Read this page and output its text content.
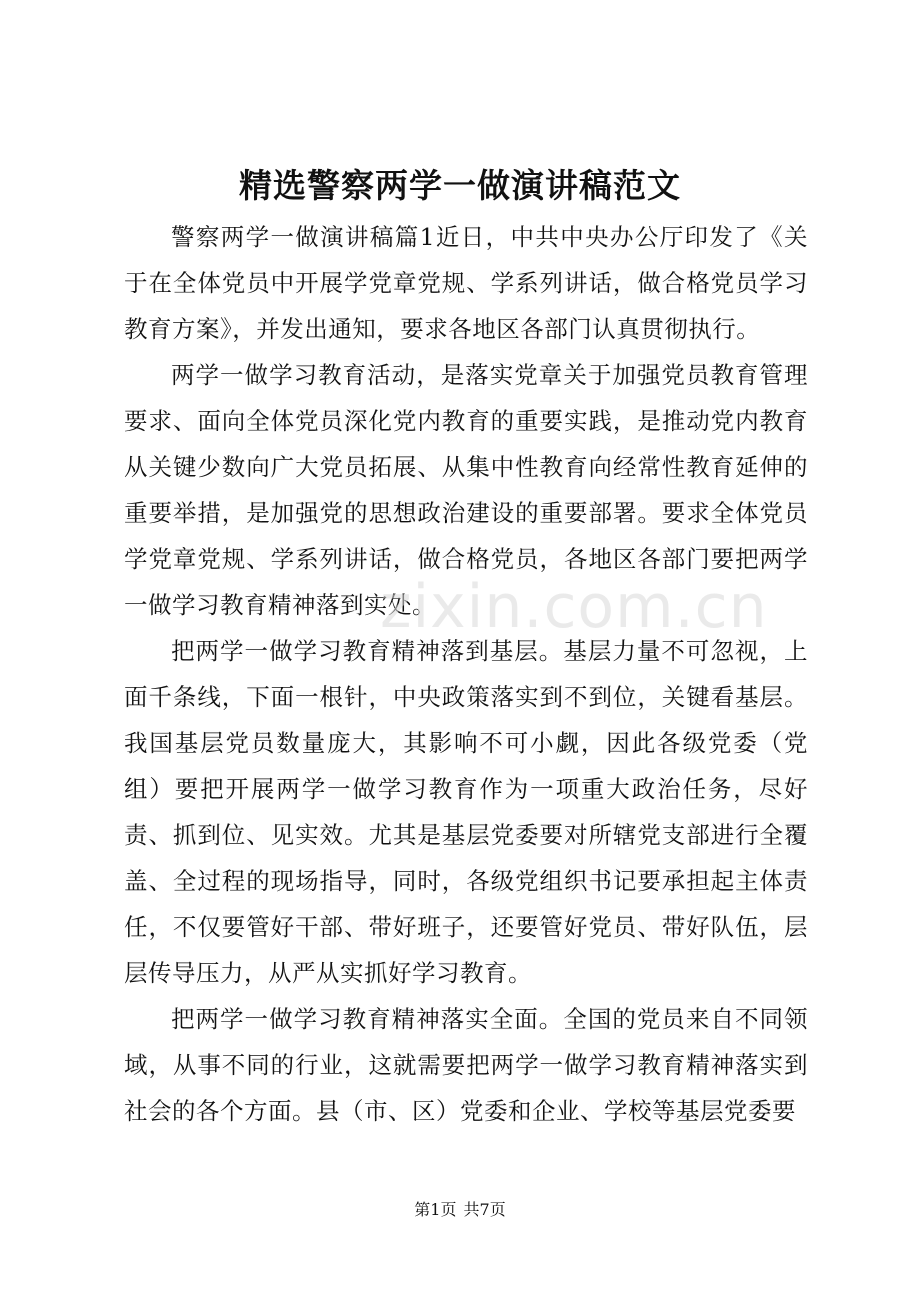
精选警察两学一做演讲稿范文

警察两学一做演讲稿篇1近日，中共中央办公厅印发了《关于在全体党员中开展学党章党规、学系列讲话，做合格党员学习教育方案》，并发出通知，要求各地区各部门认真贯彻执行。

两学一做学习教育活动，是落实党章关于加强党员教育管理要求、面向全体党员深化党内教育的重要实践，是推动党内教育从关键少数向广大党员拓展、从集中性教育向经常性教育延伸的重要举措，是加强党的思想政治建设的重要部署。要求全体党员学党章党规、学系列讲话，做合格党员，各地区各部门要把两学一做学习教育精神落到实处。

把两学一做学习教育精神落到基层。基层力量不可忽视，上面千条线，下面一根针，中央政策落实到不到位，关键看基层。我国基层党员数量庞大，其影响不可小觑，因此各级党委（党组）要把开展两学一做学习教育作为一项重大政治任务，尽好责、抓到位、见实效。尤其是基层党委要对所辖党支部进行全覆盖、全过程的现场指导，同时，各级党组织书记要承担起主体责任，不仅要管好干部、带好班子，还要管好党员、带好队伍，层层传导压力，从严从实抓好学习教育。

把两学一做学习教育精神落实全面。全国的党员来自不同领域，从事不同的行业，这就需要把两学一做学习教育精神落实到社会的各个方面。县（市、区）党委和企业、学校等基层党委要

zixin.com.cn
第1页 共7页
